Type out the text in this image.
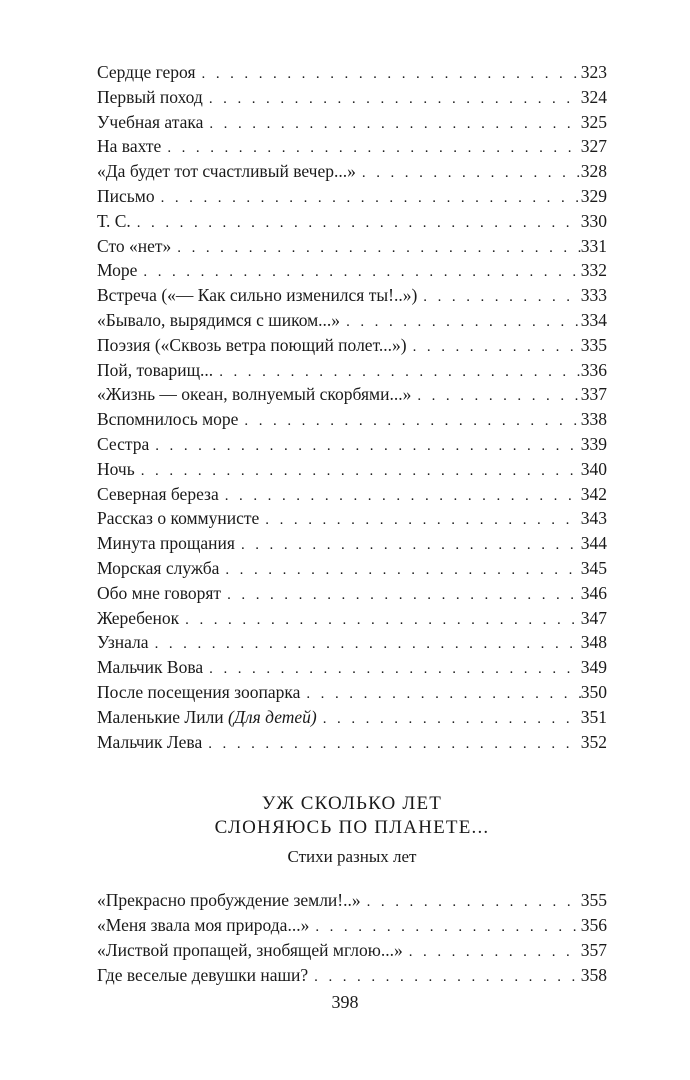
Сердце героя . . .	323
Первый поход . . .	324
Учебная атака . . .	325
На вахте . . .	327
«Да будет тот счастливый вечер...» . . .	328
Письмо . . .	329
Т. С. . . .	330
Сто «нет» . . .	331
Море . . .	332
Встреча («— Как сильно изменился ты!..») . . .	333
«Бывало, вырядимся с шиком...» . . .	334
Поэзия («Сквозь ветра поющий полет...») . . .	335
Пой, товарищ... . . .	336
«Жизнь — океан, волнуемый скорбями...» . . .	337
Вспомнилось море . . .	338
Сестра . . .	339
Ночь . . .	340
Северная береза . . .	342
Рассказ о коммунисте . . .	343
Минута прощания . . .	344
Морская служба . . .	345
Обо мне говорят . . .	346
Жеребенок . . .	347
Узнала . . .	348
Мальчик Вова . . .	349
После посещения зоопарка . . .	350
Маленькие Лили (Для детей) . . .	351
Мальчик Лева . . .	352
УЖ СКОЛЬКО ЛЕТ
СЛОНЯЮСЬ ПО ПЛАНЕТЕ...
Стихи разных лет
«Прекрасно пробуждение земли!..» . . .	355
«Меня звала моя природа...» . . .	356
«Листвой пропащей, знобящей мглою...» . . .	357
Где веселые девушки наши? . . .	358
398
